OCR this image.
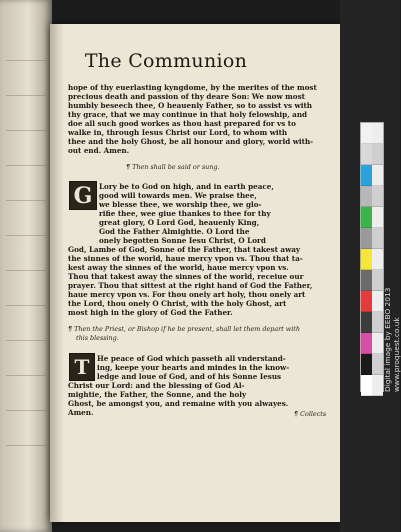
The Communion

hope of thy euerlasting kyngdome, by the merites of the most

precious death and passion of thy deare Son: We now most

humbly beseech thee, O heauenly Father, so to assist vs with

thy grace, that we may continue in that holy felowship, and

doe all such good workes as thou hast prepared for vs to

walke in, through Iesus Christ our Lord, to whom with

thee and the holy Ghost, be all honour and glory, world with-

out end. Amen.

¶ Then shall be said or sung.

G Lory be to God on high, and in earth peace,

good will towards men. We praise thee,

we blesse thee, we worship thee, we glo-

rifie thee, wee giue thankes to thee for thy

great glory, O Lord God, heauenly King,

God the Father Almightie. O Lord the

onely begotten Sonne Iesu Christ, O Lord

God, Lambe of God, Sonne of the Father, that takest away

the sinnes of the world, haue mercy vpon vs. Thou that ta-

kest away the sinnes of the world, haue mercy vpon vs.

Thou that takest away the sinnes of the world, receiue our

prayer. Thou that sittest at the right hand of God the Father,

haue mercy vpon vs. For thou onely art holy, thou onely art

the Lord, thou onely O Christ, with the holy Ghost, art

most high in the glory of God the Father.

¶ Then the Priest, or Bishop if he be present, shall let them depart with

this blessing.

T He peace of God which passeth all vnderstand-

ing, keepe your hearts and mindes in the know-

ledge and loue of God, and of his Sonne Iesus

Christ our Lord: and the blessing of God Al-

mightie, the Father, the Sonne, and the holy

Ghost, be amongst you, and remaine with you alwayes.

Amen.	¶ Collects

Digital image by EEBO 2013 www.proquest.co.uk
